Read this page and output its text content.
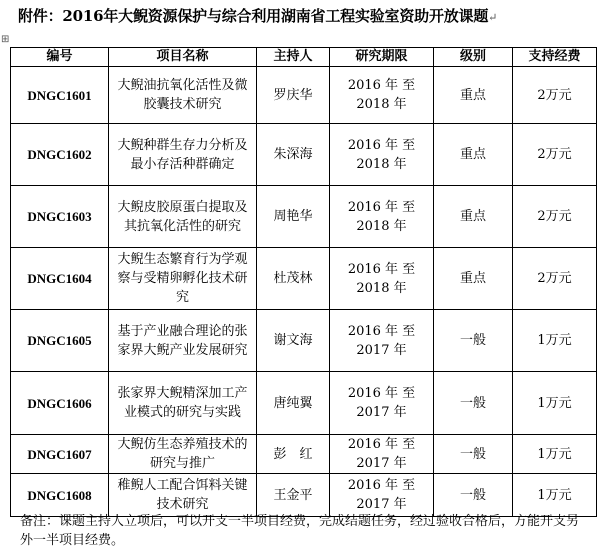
附件：2016年大鲵资源保护与综合利用湖南省工程实验室资助开放课题↵
⊞
编号	项目名称	主持人	研究期限	级别	支持经费
DNGC1601	大鲵油抗氧化活性及微胶囊技术研究	罗庆华	2016 年 至
2018 年	重点	2万元
DNGC1602	大鲵种群生存力分析及最小存活种群确定	朱深海	2016 年 至
2018 年	重点	2万元
DNGC1603	大鲵皮胶原蛋白提取及其抗氧化活性的研究	周艳华	2016 年 至
2018 年	重点	2万元
DNGC1604	大鲵生态繁育行为学观察与受精卵孵化技术研究	杜茂林	2016 年 至
2018 年	重点	2万元
DNGC1605	基于产业融合理论的张家界大鲵产业发展研究	谢文海	2016 年 至
2017 年	一般	1万元
DNGC1606	张家界大鲵精深加工产业模式的研究与实践	唐纯翼	2016 年 至
2017 年	一般	1万元
DNGC1607	大鲵仿生态养殖技术的研究与推广	彭　红	2016 年 至
2017 年	一般	1万元
DNGC1608	稚鲵人工配合饵料关键技术研究	王金平	2016 年 至
2017 年	一般	1万元
备注：课题主持人立项后，可以开支一半项目经费，完成结题任务，经过验收合格后，方能开支另外一半项目经费。
